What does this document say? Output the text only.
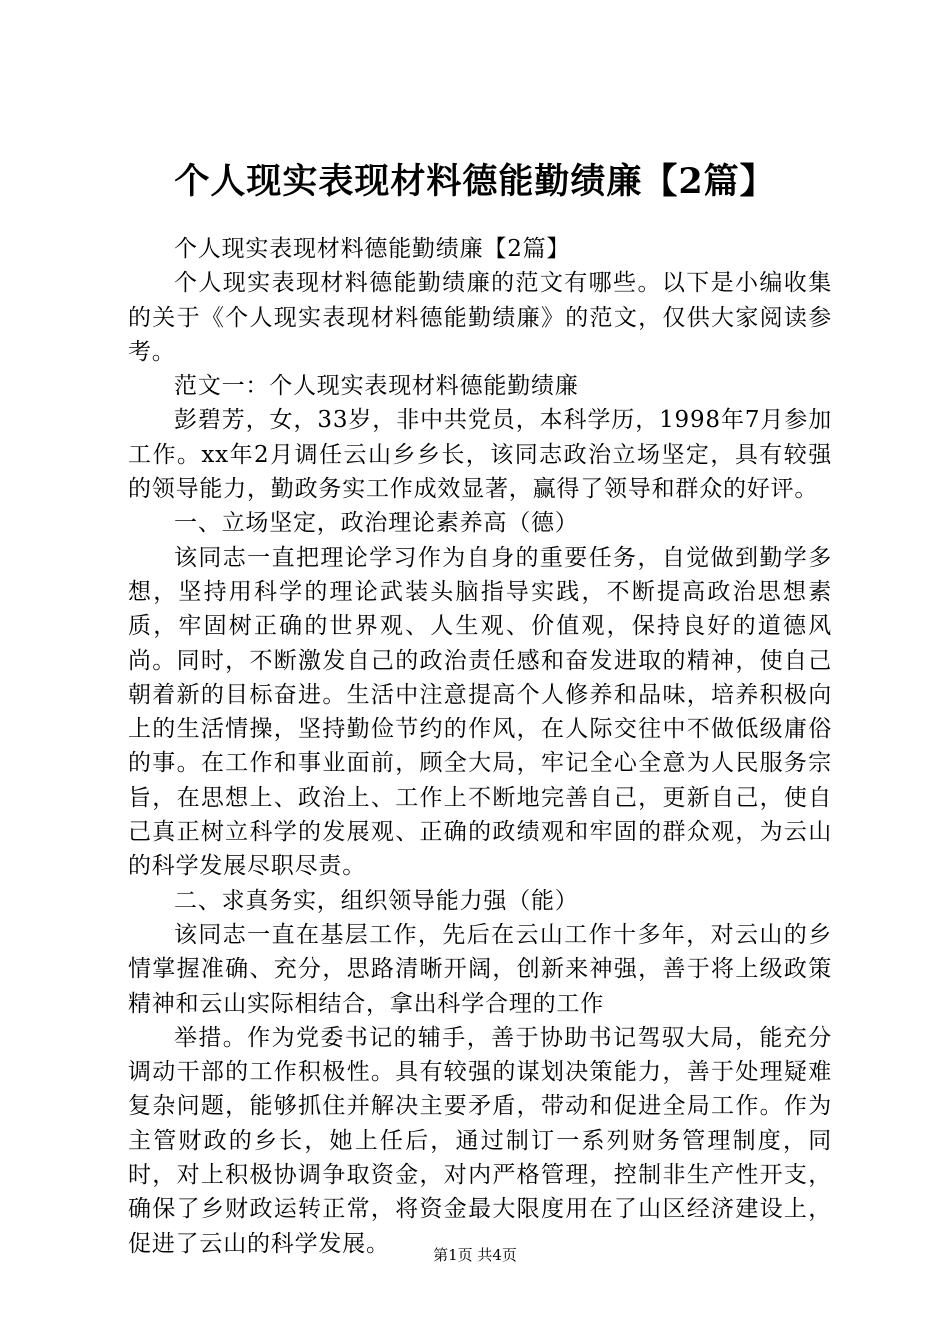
个人现实表现材料德能勤绩廉【2篇】

个人现实表现材料德能勤绩廉【2篇】

个人现实表现材料德能勤绩廉的范文有哪些。以下是小编收集的关于《个人现实表现材料德能勤绩廉》的范文，仅供大家阅读参考。

范文一：个人现实表现材料德能勤绩廉

彭碧芳，女，33岁，非中共党员，本科学历，1998年7月参加工作。xx年2月调任云山乡乡长，该同志政治立场坚定，具有较强的领导能力，勤政务实工作成效显著，赢得了领导和群众的好评。

一、立场坚定，政治理论素养高（德）

该同志一直把理论学习作为自身的重要任务，自觉做到勤学多想，坚持用科学的理论武装头脑指导实践，不断提高政治思想素质，牢固树正确的世界观、人生观、价值观，保持良好的道德风尚。同时，不断激发自己的政治责任感和奋发进取的精神，使自己朝着新的目标奋进。生活中注意提高个人修养和品味，培养积极向上的生活情操，坚持勤俭节约的作风，在人际交往中不做低级庸俗的事。在工作和事业面前，顾全大局，牢记全心全意为人民服务宗旨，在思想上、政治上、工作上不断地完善自己，更新自己，使自己真正树立科学的发展观、正确的政绩观和牢固的群众观，为云山的科学发展尽职尽责。

二、求真务实，组织领导能力强（能）

该同志一直在基层工作，先后在云山工作十多年，对云山的乡情掌握准确、充分，思路清晰开阔，创新来神强，善于将上级政策精神和云山实际相结合，拿出科学合理的工作

举措。作为党委书记的辅手，善于协助书记驾驭大局，能充分调动干部的工作积极性。具有较强的谋划决策能力，善于处理疑难复杂问题，能够抓住并解决主要矛盾，带动和促进全局工作。作为主管财政的乡长，她上任后，通过制订一系列财务管理制度，同时，对上积极协调争取资金，对内严格管理，控制非生产性开支，确保了乡财政运转正常，将资金最大限度用在了山区经济建设上，促进了云山的科学发展。	第1页 共4页
